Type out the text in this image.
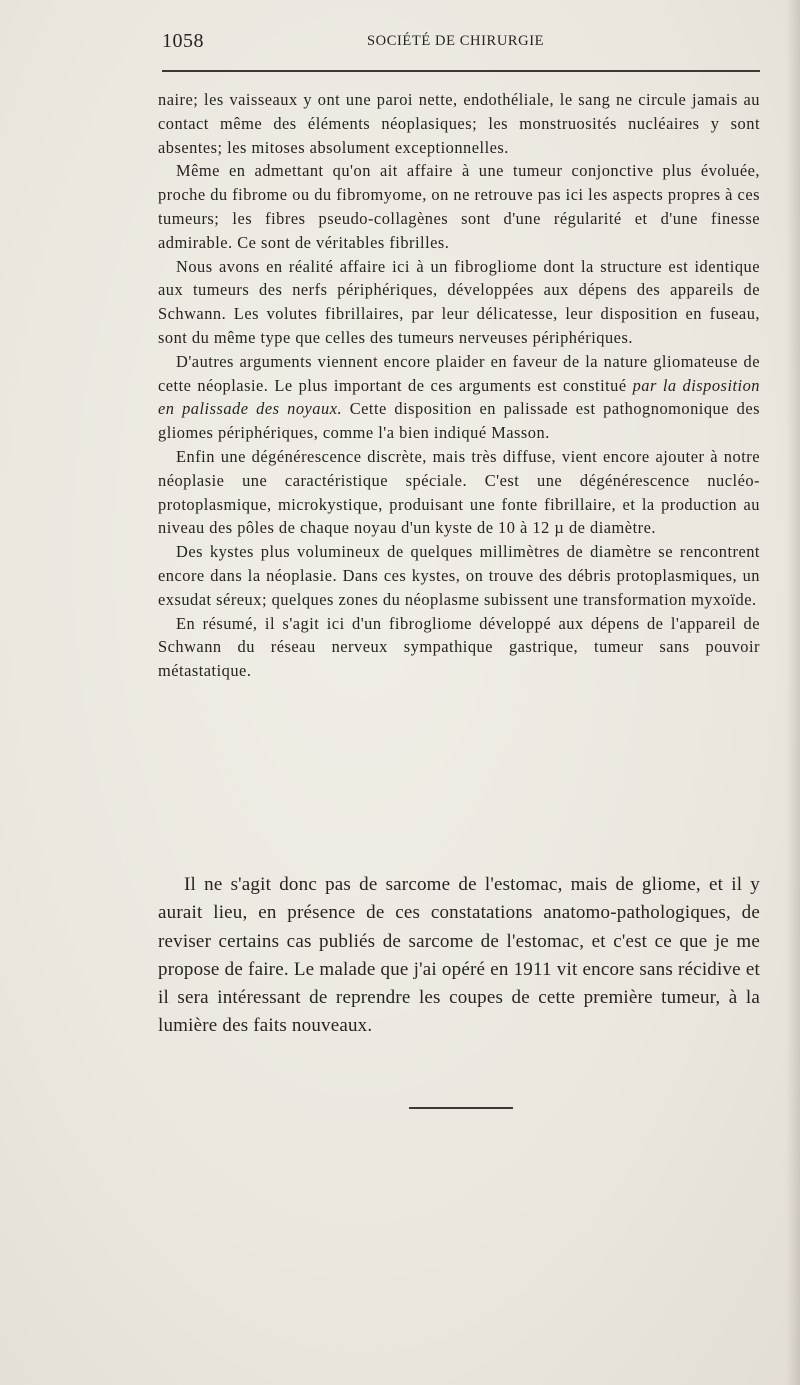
1058	SOCIÉTÉ DE CHIRURGIE

naire; les vaisseaux y ont une paroi nette, endothéliale, le sang ne circule jamais au contact même des éléments néoplasiques; les monstruosités nucléaires y sont absentes; les mitoses absolument exceptionnelles.

Même en admettant qu'on ait affaire à une tumeur conjonctive plus évoluée, proche du fibrome ou du fibromyome, on ne retrouve pas ici les aspects propres à ces tumeurs; les fibres pseudo-collagènes sont d'une régularité et d'une finesse admirable. Ce sont de véritables fibrilles.

Nous avons en réalité affaire ici à un fibrogliome dont la structure est identique aux tumeurs des nerfs périphériques, développées aux dépens des appareils de Schwann. Les volutes fibrillaires, par leur délicatesse, leur disposition en fuseau, sont du même type que celles des tumeurs nerveuses périphériques.

D'autres arguments viennent encore plaider en faveur de la nature gliomateuse de cette néoplasie. Le plus important de ces arguments est constitué par la disposition en palissade des noyaux. Cette disposition en palissade est pathognomonique des gliomes périphériques, comme l'a bien indiqué Masson.

Enfin une dégénérescence discrète, mais très diffuse, vient encore ajouter à notre néoplasie une caractéristique spéciale. C'est une dégénérescence nucléo-protoplasmique, microkystique, produisant une fonte fibrillaire, et la production au niveau des pôles de chaque noyau d'un kyste de 10 à 12 µ de diamètre.

Des kystes plus volumineux de quelques millimètres de diamètre se rencontrent encore dans la néoplasie. Dans ces kystes, on trouve des débris protoplasmiques, un exsudat séreux; quelques zones du néoplasme subissent une transformation myxoïde.

En résumé, il s'agit ici d'un fibrogliome développé aux dépens de l'appareil de Schwann du réseau nerveux sympathique gastrique, tumeur sans pouvoir métastatique.

Il ne s'agit donc pas de sarcome de l'estomac, mais de gliome, et il y aurait lieu, en présence de ces constatations anatomo-pathologiques, de reviser certains cas publiés de sarcome de l'estomac, et c'est ce que je me propose de faire. Le malade que j'ai opéré en 1911 vit encore sans récidive et il sera intéressant de reprendre les coupes de cette première tumeur, à la lumière des faits nouveaux.
